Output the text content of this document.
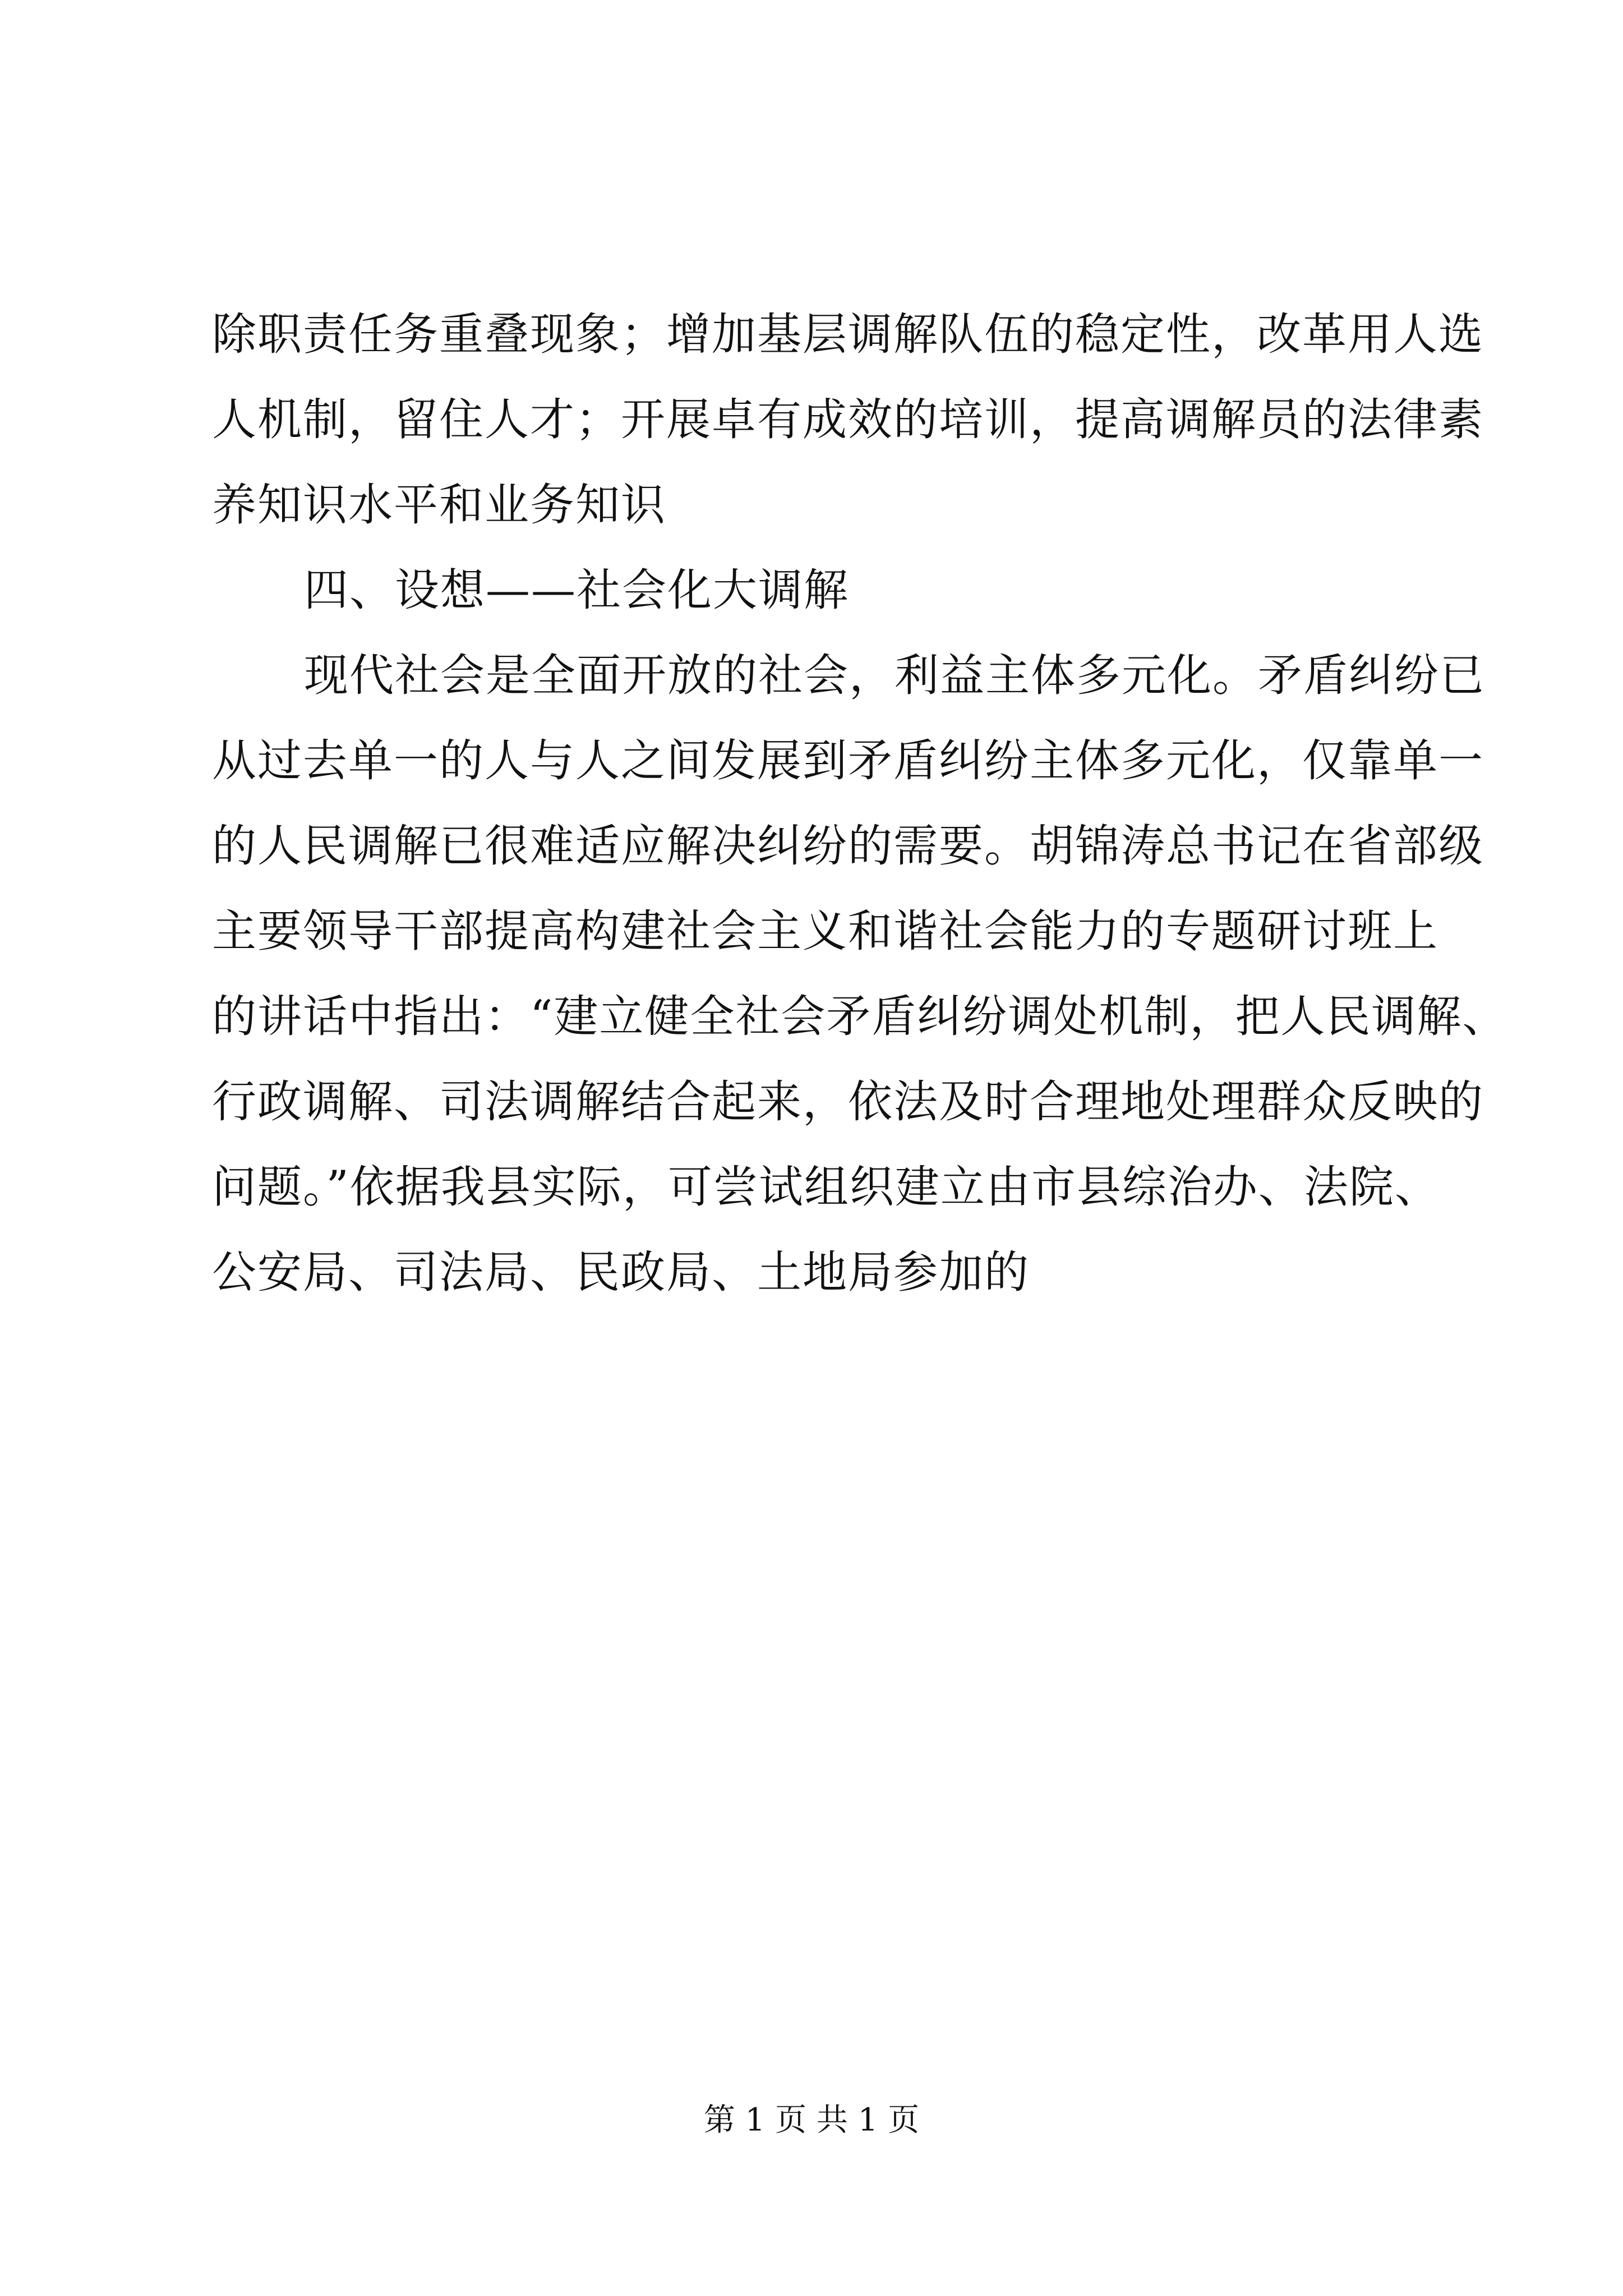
除职责任务重叠现象；增加基层调解队伍的稳定性，改革用人选
人机制，留住人才；开展卓有成效的培训，提高调解员的法律素
养知识水平和业务知识
四、设想——社会化大调解
现代社会是全面开放的社会，利益主体多元化。矛盾纠纷已
从过去单一的人与人之间发展到矛盾纠纷主体多元化，仅靠单一
的人民调解已很难适应解决纠纷的需要。胡锦涛总书记在省部级
主要领导干部提高构建社会主义和谐社会能力的专题研讨班上
的讲话中指出：“建立健全社会矛盾纠纷调处机制，把人民调解、
行政调解、司法调解结合起来，依法及时合理地处理群众反映的
问题。”依据我县实际，可尝试组织建立由市县综治办、法院、
公安局、司法局、民政局、土地局参加的
第 1 页 共 1 页
